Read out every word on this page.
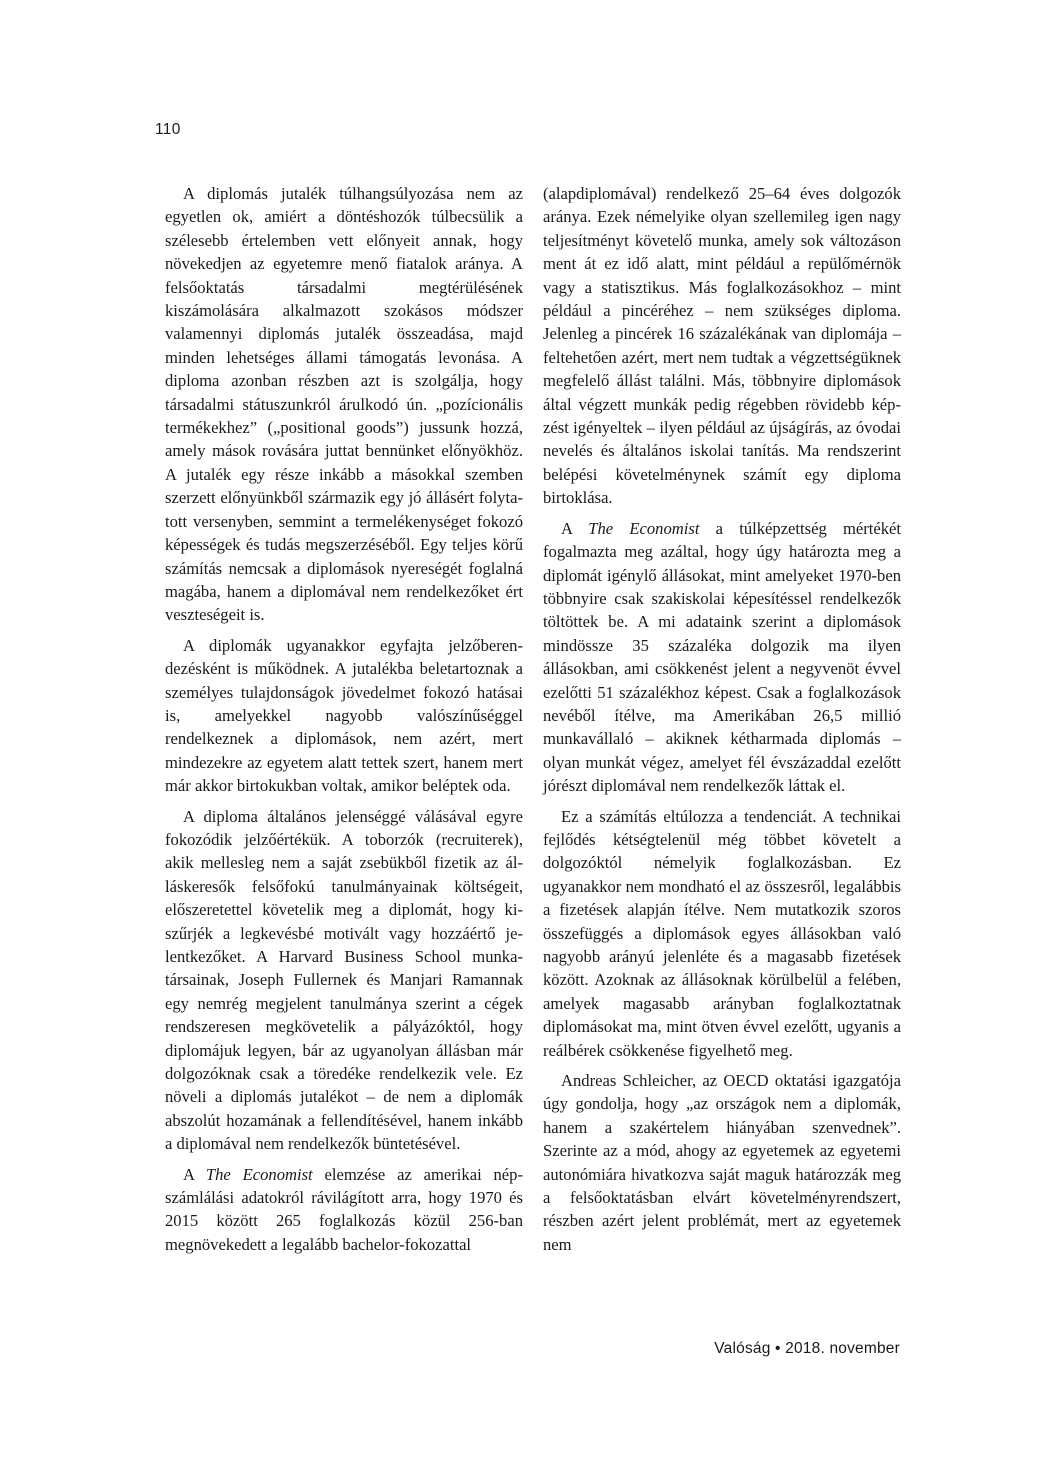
110

A diplomás jutalék túlhangsúlyozása nem az egyetlen ok, amiért a döntéshozók túlbecsülik a szélesebb értelemben vett előnyeit annak, hogy növekedjen az egyetemre menő fiatalok aránya. A felsőoktatás társadalmi megtérülésének kiszámolására alkalmazott szokásos módszer valamennyi diplomás jutalék összeadása, majd minden lehetséges állami támogatás levonása. A diploma azonban részben azt is szolgálja, hogy társadalmi státuszunkról árulkodó ún. „pozícionális termékekhez” („positional goods”) jussunk hozzá, amely mások rovására juttat bennünket előnyökhöz. A jutalék egy része inkább a másokkal szemben szerzett előnyünkből származik egy jó állásért folytatott versenyben, semmint a termelékenységet fokozó képességek és tudás megszerzéséből. Egy teljes körű számítás nemcsak a diplomások nyereségét foglalná magába, hanem a diplomával nem rendelkezőket ért veszteségeit is.

A diplomák ugyanakkor egyfajta jelzőberendezésként is működnek. A jutalékba beletartoznak a személyes tulajdonságok jövedelmet fokozó hatásai is, amelyekkel nagyobb valószínűséggel rendelkeznek a diplomások, nem azért, mert mindezekre az egyetem alatt tettek szert, hanem mert már akkor birtokukban voltak, amikor beléptek oda.

A diploma általános jelenséggé válásával egyre fokozódik jelzőértékük. A toborzók (recruiterek), akik mellesleg nem a saját zsebükből fizetik az álláskeresők felsőfokú tanulmányainak költségeit, előszeretettel követelik meg a diplomát, hogy kiszűrjék a legkevésbé motivált vagy hozzáértő jelentkezőket. A Harvard Business School munkatársainak, Joseph Fullernek és Manjari Ramannak egy nemrég megjelent tanulmánya szerint a cégek rendszeresen megkövetelik a pályázóktól, hogy diplomájuk legyen, bár az ugyanolyan állásban már dolgozóknak csak a töredéke rendelkezik vele. Ez növeli a diplomás jutalékot – de nem a diplomák abszolút hozamának a fellendítésével, hanem inkább a diplomával nem rendelkezők büntetésével.

A The Economist elemzése az amerikai népszámlálási adatokról rávilágított arra, hogy 1970 és 2015 között 265 foglalkozás közül 256-ban megnövekedett a legalább bachelor-fokozattal

(alapdiplomával) rendelkező 25–64 éves dolgozók aránya. Ezek némelyike olyan szellemileg igen nagy teljesítményt követelő munka, amely sok változáson ment át ez idő alatt, mint például a repülőmérnök vagy a statisztikus. Más foglalkozásokhoz – mint például a pincéréhez – nem szükséges diploma. Jelenleg a pincérek 16 százalékának van diplomája – feltehetően azért, mert nem tudtak a végzettségüknek megfelelő állást találni. Más, többnyire diplomások által végzett munkák pedig régebben rövidebb képzést igényeltek – ilyen például az újságírás, az óvodai nevelés és általános iskolai tanítás. Ma rendszerint belépési követelménynek számít egy diploma birtoklása.

A The Economist a túlképzettség mértékét fogalmazta meg azáltal, hogy úgy határozta meg a diplomát igénylő állásokat, mint amelyeket 1970-ben többnyire csak szakiskolai képesítéssel rendelkezők töltöttek be. A mi adataink szerint a diplomások mindössze 35 százaléka dolgozik ma ilyen állásokban, ami csökkenést jelent a negyvenöt évvel ezelőtti 51 százalékhoz képest. Csak a foglalkozások nevéből ítélve, ma Amerikában 26,5 millió munkavállaló – akiknek kétharmada diplomás – olyan munkát végez, amelyet fél évszázaddal ezelőtt jórészt diplomával nem rendelkezők láttak el.

Ez a számítás eltúlozza a tendenciát. A technikai fejlődés kétségtelenül még többet követelt a dolgozóktól némelyik foglalkozásban. Ez ugyanakkor nem mondható el az összesről, legalábbis a fizetések alapján ítélve. Nem mutatkozik szoros összefüggés a diplomások egyes állásokban való nagyobb arányú jelenléte és a magasabb fizetések között. Azoknak az állásoknak körülbelül a felében, amelyek magasabb arányban foglalkoztatnak diplomásokat ma, mint ötven évvel ezelőtt, ugyanis a reálbérek csökkenése figyelhető meg.

Andreas Schleicher, az OECD oktatási igazgatója úgy gondolja, hogy „az országok nem a diplomák, hanem a szakértelem hiányában szenvednek”. Szerinte az a mód, ahogy az egyetemek az egyetemi autonómiára hivatkozva saját maguk határozzák meg a felsőoktatásban elvárt követelményrendszert, részben azért jelent problémát, mert az egyetemek nem

Valóság • 2018. november
